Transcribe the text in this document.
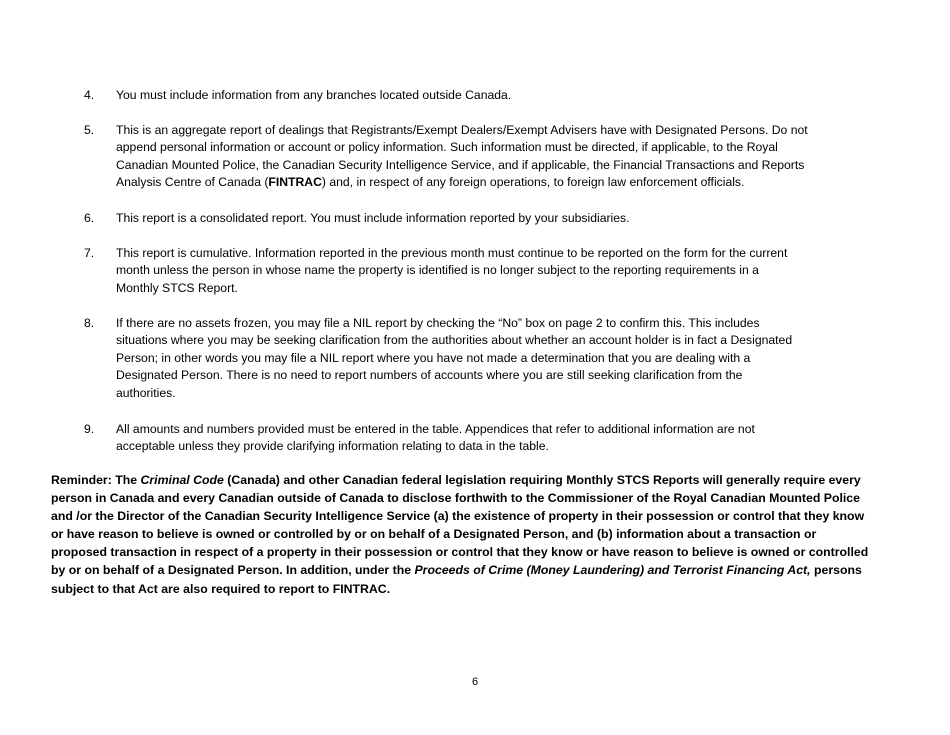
4.	You must include information from any branches located outside Canada.
5.	This is an aggregate report of dealings that Registrants/Exempt Dealers/Exempt Advisers have with Designated Persons. Do not
append personal information or account or policy information. Such information must be directed, if applicable, to the Royal
Canadian Mounted Police, the Canadian Security Intelligence Service, and if applicable, the Financial Transactions and Reports
Analysis Centre of Canada (FINTRAC) and, in respect of any foreign operations, to foreign law enforcement officials.
6.	This report is a consolidated report. You must include information reported by your subsidiaries.
7.	This report is cumulative. Information reported in the previous month must continue to be reported on the form for the current
month unless the person in whose name the property is identified is no longer subject to the reporting requirements in a
Monthly STCS Report.
8.	If there are no assets frozen, you may file a NIL report by checking the “No” box on page 2 to confirm this. This includes
situations where you may be seeking clarification from the authorities about whether an account holder is in fact a Designated
Person; in other words you may file a NIL report where you have not made a determination that you are dealing with a
Designated Person. There is no need to report numbers of accounts where you are still seeking clarification from the
authorities.
9.	All amounts and numbers provided must be entered in the table. Appendices that refer to additional information are not
acceptable unless they provide clarifying information relating to data in the table.
Reminder: The Criminal Code (Canada) and other Canadian federal legislation requiring Monthly STCS Reports will generally require every
person in Canada and every Canadian outside of Canada to disclose forthwith to the Commissioner of the Royal Canadian Mounted Police
and /or the Director of the Canadian Security Intelligence Service (a) the existence of property in their possession or control that they know
or have reason to believe is owned or controlled by or on behalf of a Designated Person, and (b) information about a transaction or
proposed transaction in respect of a property in their possession or control that they know or have reason to believe is owned or controlled
by or on behalf of a Designated Person. In addition, under the Proceeds of Crime (Money Laundering) and Terrorist Financing Act, persons
subject to that Act are also required to report to FINTRAC.
6
